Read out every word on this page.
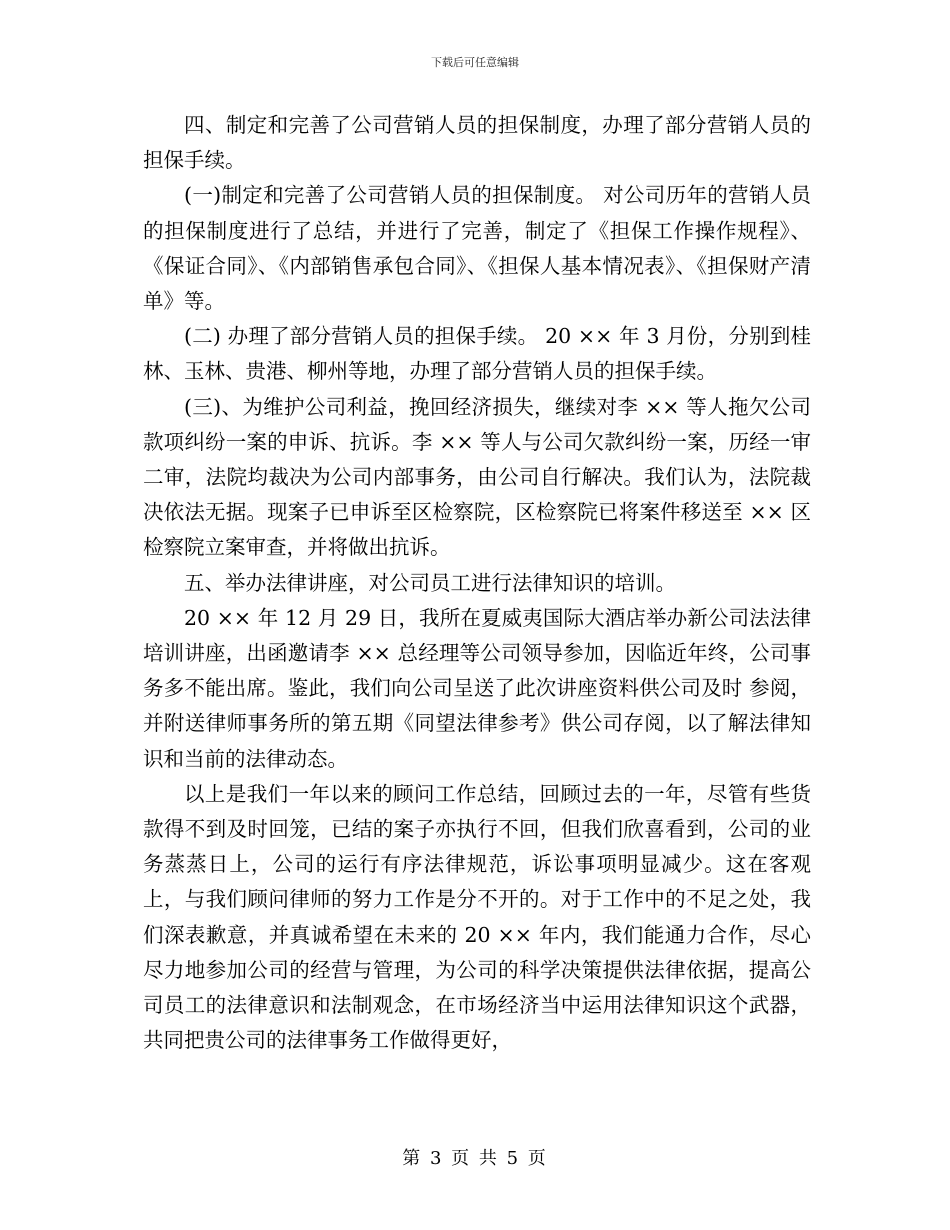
下载后可任意编辑

四、制定和完善了公司营销人员的担保制度，办理了部分营销人员的担保手续。

(一)制定和完善了公司营销人员的担保制度。 对公司历年的营销人员的担保制度进行了总结，并进行了完善，制定了《担保工作操作规程》、《保证合同》、《内部销售承包合同》、《担保人基本情况表》、《担保财产清单》等。

(二) 办理了部分营销人员的担保手续。 20 ×× 年 3 月份，分别到桂林、玉林、贵港、柳州等地，办理了部分营销人员的担保手续。

(三)、为维护公司利益，挽回经济损失，继续对李 ×× 等人拖欠公司款项纠纷一案的申诉、抗诉。李 ×× 等人与公司欠款纠纷一案，历经一审二审，法院均裁决为公司内部事务，由公司自行解决。我们认为，法院裁决依法无据。现案子已申诉至区检察院，区检察院已将案件移送至 ×× 区检察院立案审查，并将做出抗诉。

五、举办法律讲座，对公司员工进行法律知识的培训。

20 ×× 年 12 月 29 日，我所在夏威夷国际大酒店举办新公司法法律培训讲座，出函邀请李 ×× 总经理等公司领导参加，因临近年终，公司事务多不能出席。鉴此，我们向公司呈送了此次讲座资料供公司及时 参阅，并附送律师事务所的第五期《同望法律参考》供公司存阅，以了解法律知识和当前的法律动态。

以上是我们一年以来的顾问工作总结，回顾过去的一年，尽管有些货款得不到及时回笼，已结的案子亦执行不回，但我们欣喜看到，公司的业务蒸蒸日上，公司的运行有序法律规范，诉讼事项明显减少。这在客观上，与我们顾问律师的努力工作是分不开的。对于工作中的不足之处，我们深表歉意，并真诚希望在未来的 20 ×× 年内，我们能通力合作，尽心尽力地参加公司的经营与管理，为公司的科学决策提供法律依据，提高公司员工的法律意识和法制观念，在市场经济当中运用法律知识这个武器，共同把贵公司的法律事务工作做得更好，

第 3 页 共 5 页
